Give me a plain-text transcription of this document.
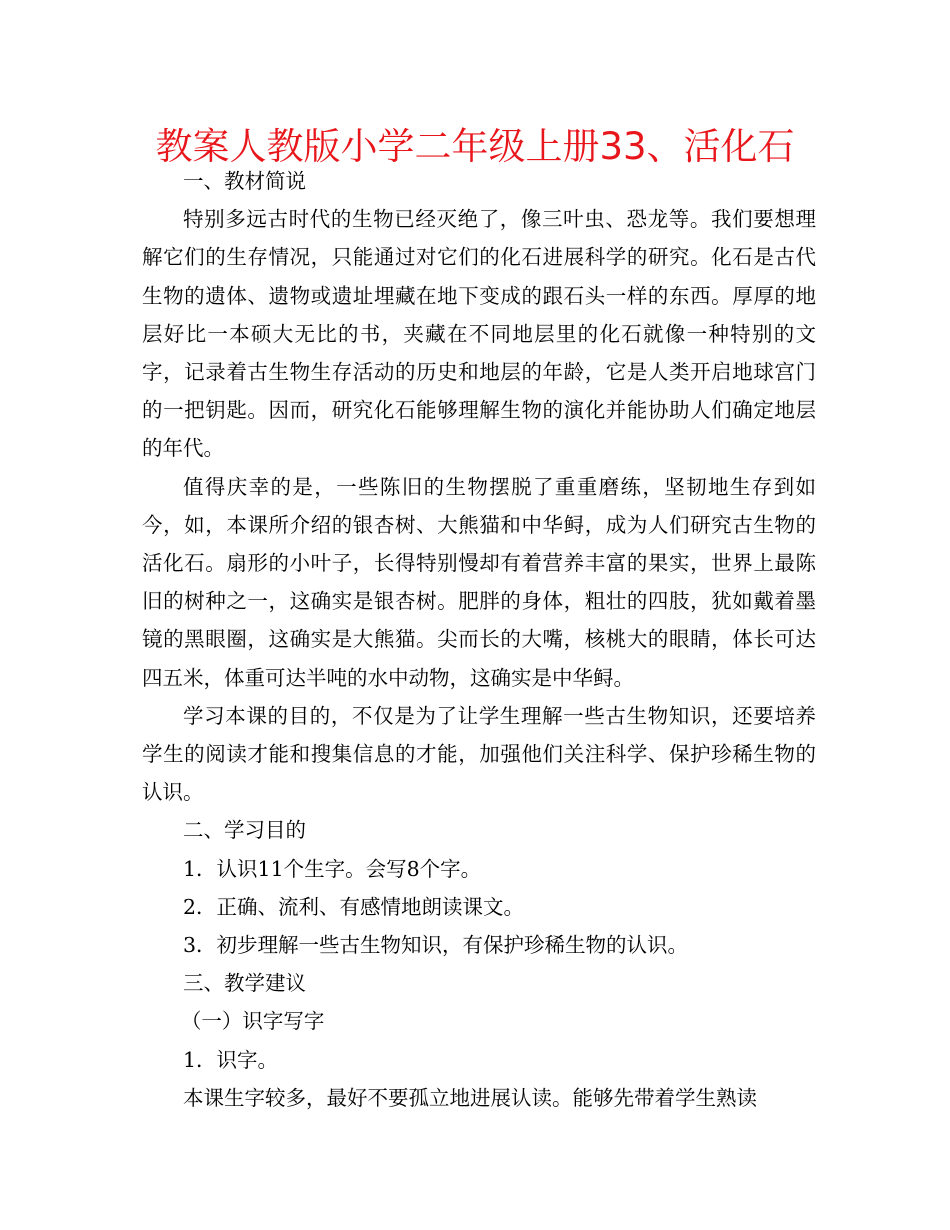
教案人教版小学二年级上册33、活化石

一、教材简说

特别多远古时代的生物已经灭绝了，像三叶虫、恐龙等。我们要想理解它们的生存情况，只能通过对它们的化石进展科学的研究。化石是古代生物的遗体、遗物或遗址埋藏在地下变成的跟石头一样的东西。厚厚的地层好比一本硕大无比的书，夹藏在不同地层里的化石就像一种特别的文字，记录着古生物生存活动的历史和地层的年龄，它是人类开启地球宫门的一把钥匙。因而，研究化石能够理解生物的演化并能协助人们确定地层的年代。

值得庆幸的是，一些陈旧的生物摆脱了重重磨练，坚韧地生存到如今，如，本课所介绍的银杏树、大熊猫和中华鲟，成为人们研究古生物的活化石。扇形的小叶子，长得特别慢却有着营养丰富的果实，世界上最陈旧的树种之一，这确实是银杏树。肥胖的身体，粗壮的四肢，犹如戴着墨镜的黑眼圈，这确实是大熊猫。尖而长的大嘴，核桃大的眼睛，体长可达四五米，体重可达半吨的水中动物，这确实是中华鲟。

学习本课的目的，不仅是为了让学生理解一些古生物知识，还要培养学生的阅读才能和搜集信息的才能，加强他们关注科学、保护珍稀生物的认识。

二、学习目的

1．认识11个生字。会写8个字。

2．正确、流利、有感情地朗读课文。

3．初步理解一些古生物知识，有保护珍稀生物的认识。

三、教学建议

（一）识字写字

1．识字。

本课生字较多，最好不要孤立地进展认读。能够先带着学生熟读
